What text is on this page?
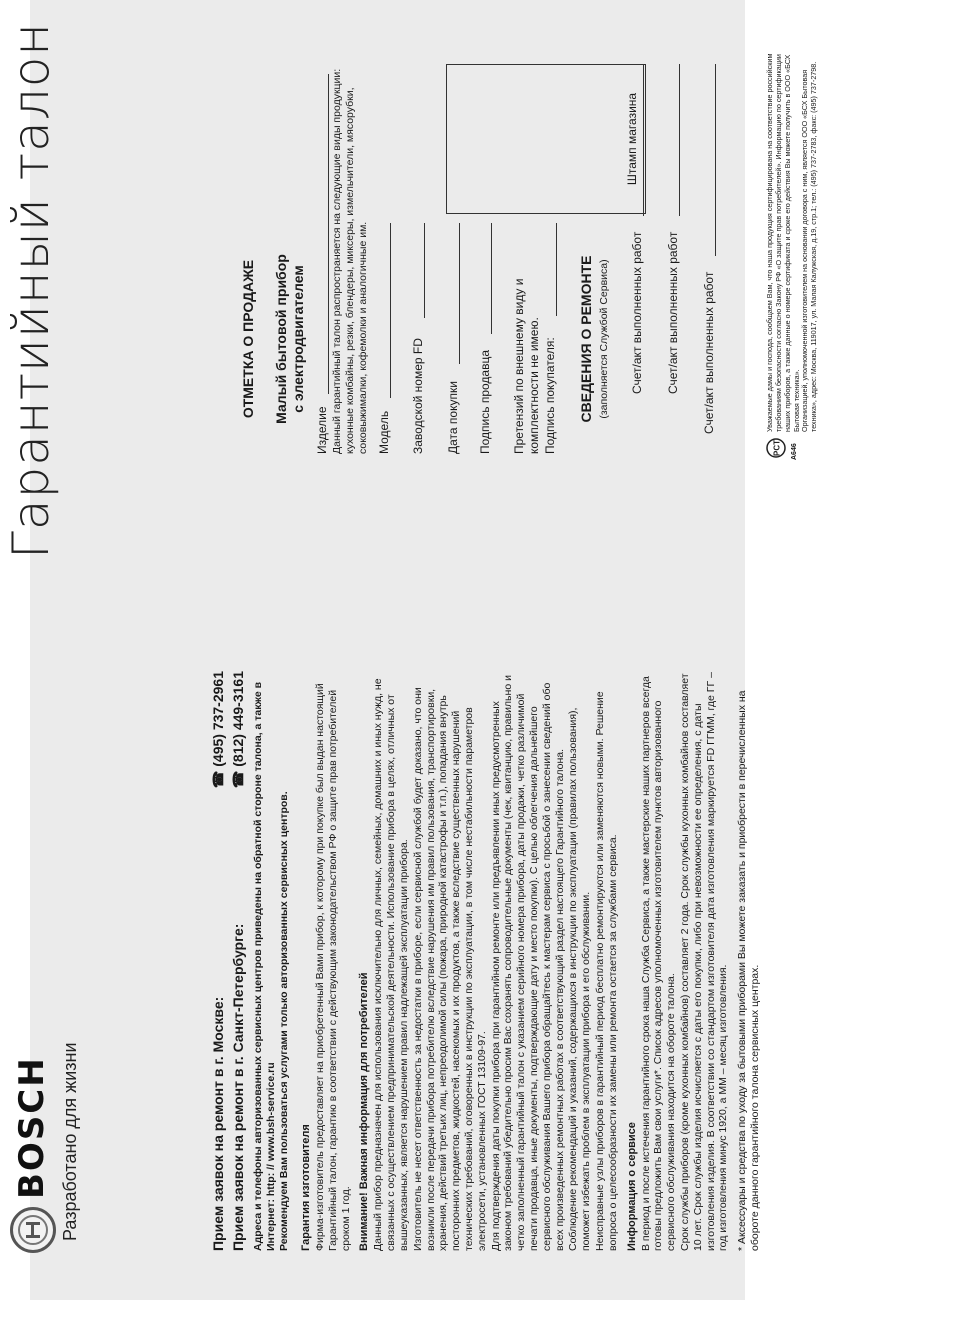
Гарантийный талон
BOSCH Разработано для жизни
ОТМЕТКА О ПРОДАЖЕ Малый бытовой прибор с электродвигателем
Изделие Данный гарантийный талон распространяется на следующие виды продукции: кухонные комбайны, резки, блендеры, миксеры, измельчители, мясорубки, соковыжималки, кофемолки и аналогичные им. Модель Заводской номер FD Дата покупки Подпись продавца
Штамп магазина
Претензий по внешнему виду и комплектности не имею. Подпись покупателя: СВЕДЕНИЯ О РЕМОНТЕ (заполняется Службой Сервиса) Счет/акт выполненных работ Счет/акт выполненных работ Счет/акт выполненных работ
PCT А646
Уважаемые дамы и господа, сообщаем Вам, что наша продукция сертифицирована на соответствие российским требованиям безопасности согласно Закону РФ «О защите прав потребителей». Информацию по сертификации наших приборов, а также данные о номере сертификата и сроке его действия Вы можете получить в ООО «БСХ Бытовая техника». Организацией, уполномоченной изготовителем на основании договора с ним, является ООО «БСХ Бытовая техника», адрес: Москва, 119017, ул. Малая Калужская, д.19, стр.1; тел.: (495) 737-2783, факс: (495) 737-2798.
Прием заявок на ремонт в г. Москве:
☎ (495) 737-2961
Прием заявок на ремонт в г. Санкт-Петербурге:
☎ (812) 449-3161 Адреса и телефоны авторизованных сервисных центров приведены на обратной стороне талона, а также в Интернет: http: // www.bsh-service.ru Рекомендуем Вам пользоваться услугами только авторизованных сервисных центров. Гарантия изготовителя Фирма-изготовитель предоставляет на приобретенный Вами прибор, к которому при покупке был выдан настоящий Гарантийный талон, гарантию в соответствии с действующим законодательством РФ о защите прав потребителей сроком 1 год. Внимание! Важная информация для потребителей Данный прибор предназначен для использования исключительно для личных, семейных, домашних и иных нужд, не связанных с осуществлением предпринимательской деятельности. Использование прибора в целях, отличных от вышеуказанных, является нарушением правил надлежащей эксплуатации прибора. Изготовитель не несет ответственность за недостатки в приборе, если сервисной службой будет доказано, что они возникли после передачи прибора потребителю вследствие нарушения им правил пользования, транспортировки, хранения, действий третьих лиц, непреодолимой силы (пожара, природной катастрофы и т.п.), попадания внутрь посторонних предметов, жидкостей, насекомых и их продуктов, а также вследствие существенных нарушений технических требований, оговоренных в инструкции по эксплуатации, в том числе нестабильности параметров электросети, установленных ГОСТ 13109-97. Для подтверждения даты покупки прибора при гарантийном ремонте или предъявлении иных предусмотренных законом требований убедительно просим Вас сохранять сопроводительные документы (чек, квитанцию, правильно и четко заполненный гарантийный талон с указанием серийного номера прибора, даты продажи, четко различимой печати продавца, иные документы, подтверждающие дату и место покупки). С целью облегчения дальнейшего сервисного обслуживания Вашего прибора обращайтесь к мастерам сервиса с просьбой о занесении сведений обо всех произведенных ремонтных работах в соответствующий раздел настоящего Гарантийного талона. Соблюдение рекомендаций и указаний, содержащихся в инструкции по эксплуатации (правилах пользования), поможет избежать проблем в эксплуатации прибора и его обслуживании. Неисправные узлы приборов в гарантийный период бесплатно ремонтируются или заменяются новыми. Решение вопроса о целесообразности их замены или ремонта остается за службами сервиса. Информация о сервисе В период и после истечения гарантийного срока наша Служба Сервиса, а также мастерские наших партнеров всегда готовы предложить Вам свои услуги*. Список адресов уполномоченных изготовителем пунктов авторизованного сервисного обслуживания находится на обороте талона. Срок службы приборов (кроме кухонных комбайнов) составляет 2 года. Срок службы кухонных комбайнов составляет 10 лет. Срок службы изделия исчисляется с даты его покупки, либо при невозможности ее определения, с даты изготовления изделия. В соответствии со стандартом изготовителя дата изготовления маркируется FD ГГММ, где ГГ – год изготовления минус 1920, а ММ – месяц изготовления. * Аксессуары и средства по уходу за бытовыми приборами Вы можете заказать и приобрести в перечисленных на обороте данного гарантийного талона сервисных центрах.
